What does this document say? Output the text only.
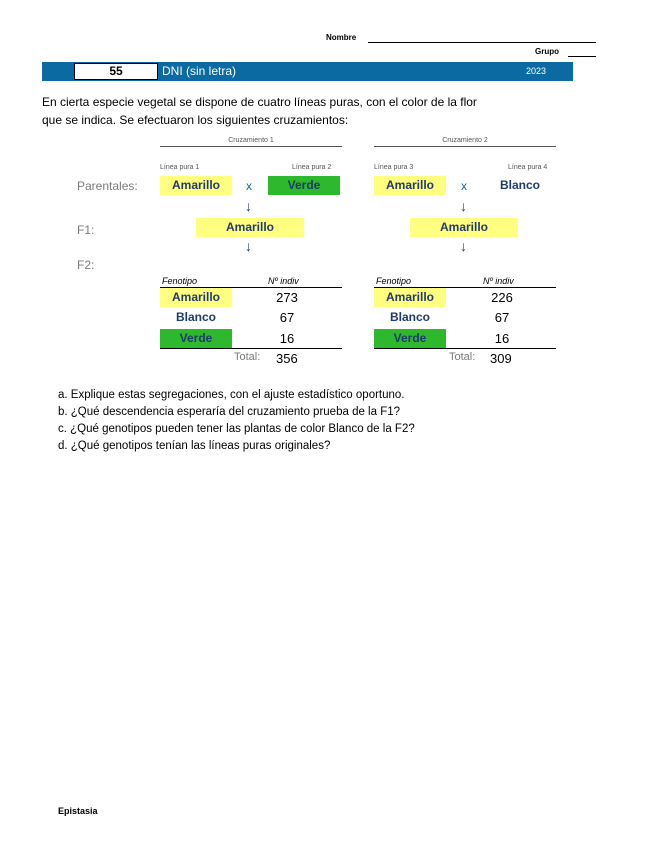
Nombre
Grupo
55	DNI (sin letra)	2023
En cierta especie vegetal se dispone de cuatro líneas puras, con el color de la flor
que se indica. Se efectuaron los siguientes cruzamientos:
Parentales:
F1:
F2:
Cruzamiento 1
Línea pura 1	Línea pura 2
Amarillo	x	Verde
↓
Amarillo
↓
Fenotipo	Nº indiv
Amarillo	273
Blanco	67
Verde	16
Total: 356
Cruzamiento 2
Línea pura 3	Línea pura 4
Amarillo	x	Blanco
↓
Amarillo
↓
Fenotipo	Nº indiv
Amarillo	226
Blanco	67
Verde	16
Total: 309
a. Explique estas segregaciones, con el ajuste estadístico oportuno.
b. ¿Qué descendencia esperaría del cruzamiento prueba de la F1?
c. ¿Qué genotipos pueden tener las plantas de color Blanco de la F2?
d. ¿Qué genotipos tenían las líneas puras originales?
Epistasia
